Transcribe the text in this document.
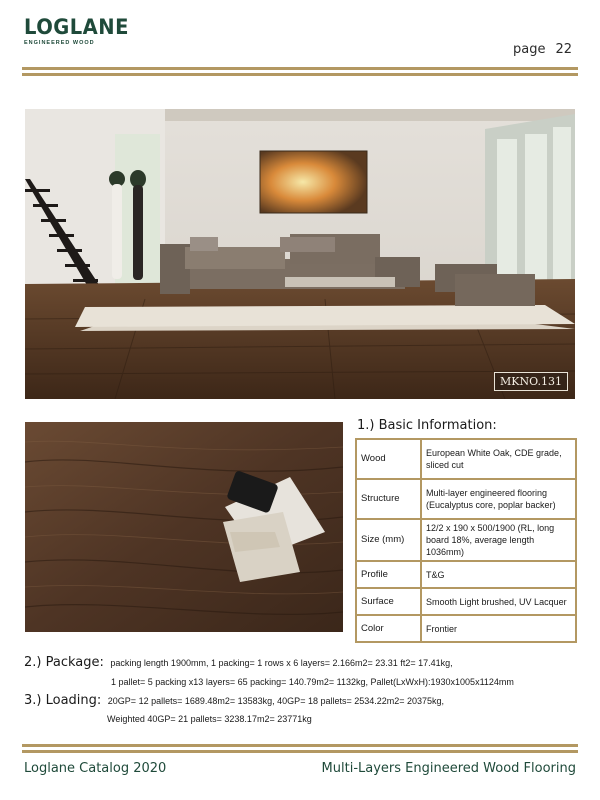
LOGLANE
ENGINEERED WOOD	page 22
MKNO.131
1.) Basic Information:
Wood	European White Oak, CDE grade, sliced cut
Structure	Multi-layer engineered flooring (Eucalyptus core, poplar backer)
Size (mm)	12/2 x 190 x 500/1900 (RL, long board 18%, average length 1036mm)
Profile	T&G
Surface	Smooth Light brushed, UV Lacquer
Color	Frontier
2.) Package: packing length 1900mm, 1 packing= 1 rows x 6 layers= 2.166m2= 23.31 ft2= 17.41kg,
1 pallet= 5 packing x13 layers= 65 packing= 140.79m2= 1132kg, Pallet(LxWxH):1930x1005x1124mm
3.) Loading: 20GP= 12 pallets= 1689.48m2= 13583kg, 40GP= 18 pallets= 2534.22m2= 20375kg,
Weighted 40GP= 21 pallets= 3238.17m2= 23771kg
Loglane Catalog 2020	Multi-Layers Engineered Wood Flooring
